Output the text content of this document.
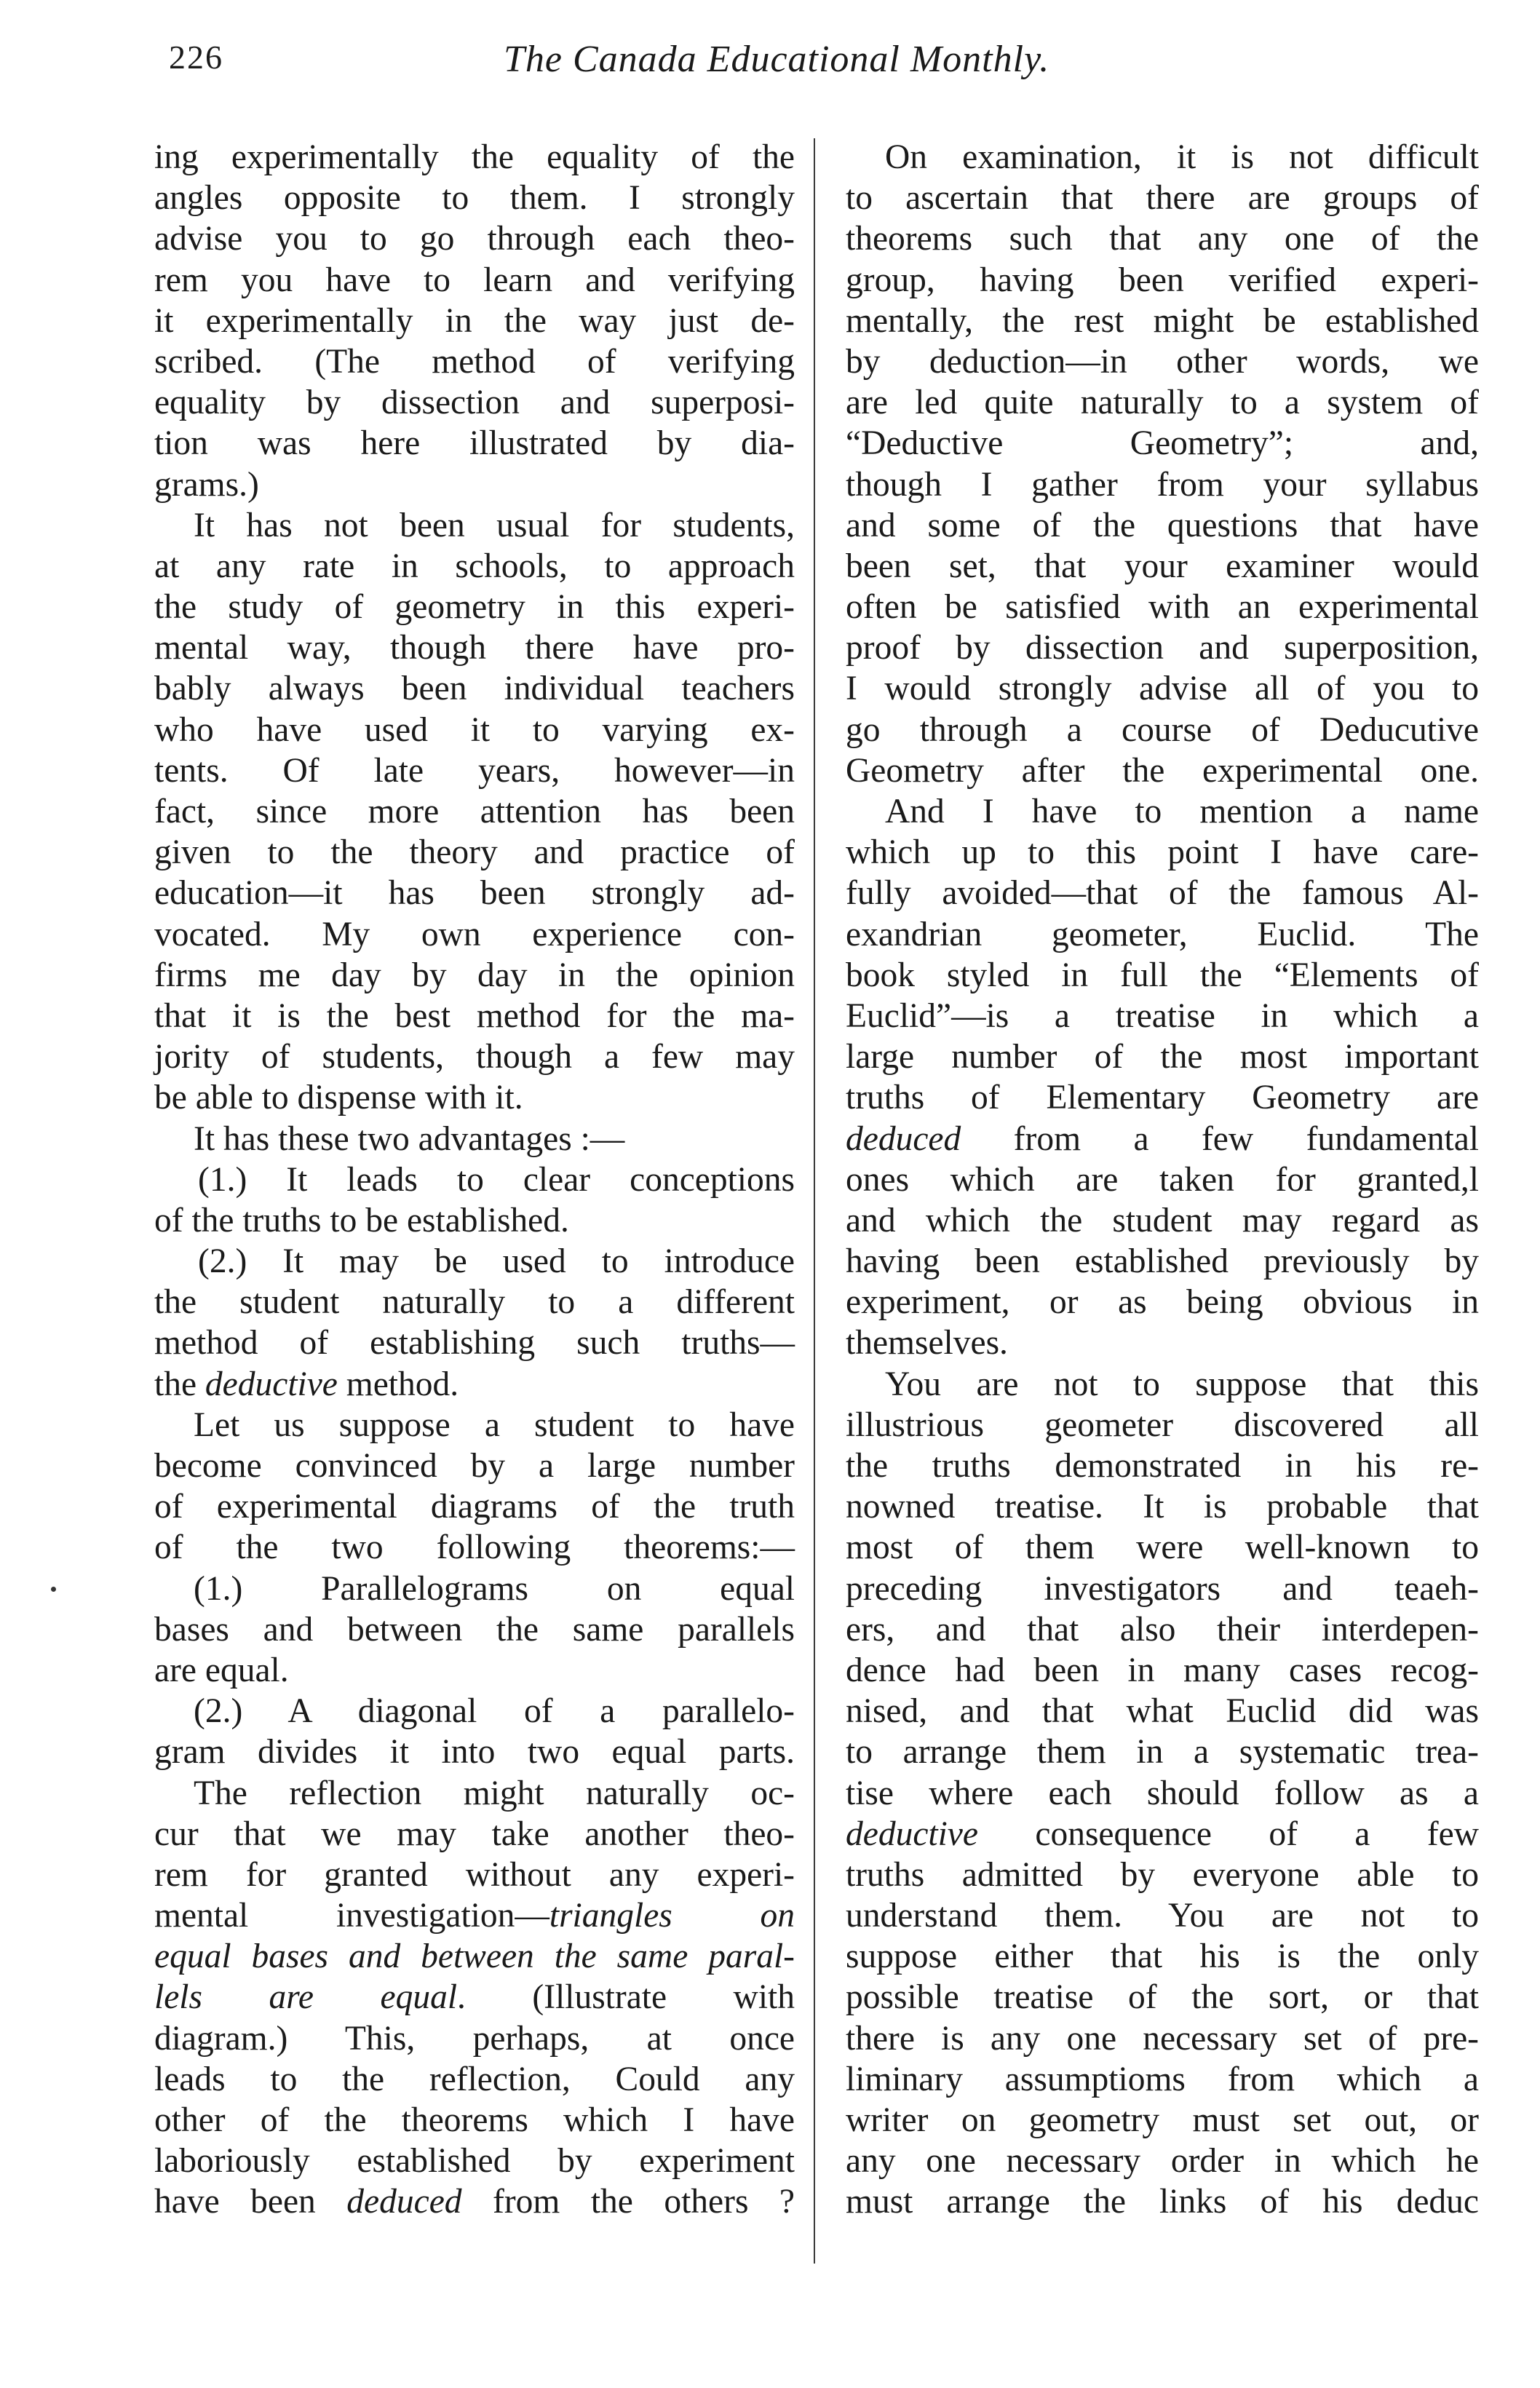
226	The Canada Educational Monthly.
ing experimentally the equality of the
angles opposite to them. I strongly
advise you to go through each theo-
rem you have to learn and verifying
it experimentally in the way just de-
scribed. (The method of verifying
equality by dissection and superposi-
tion was here illustrated by dia-
grams.)
It has not been usual for students,
at any rate in schools, to approach
the study of geometry in this experi-
mental way, though there have pro-
bably always been individual teachers
who have used it to varying ex-
tents. Of late years, however—in
fact, since more attention has been
given to the theory and practice of
education—it has been strongly ad-
vocated. My own experience con-
firms me day by day in the opinion
that it is the best method for the ma-
jority of students, though a few may
be able to dispense with it.
It has these two advantages :—
(1.) It leads to clear conceptions
of the truths to be established.
(2.) It may be used to introduce
the student naturally to a different
method of establishing such truths—
the deductive method.
Let us suppose a student to have
become convinced by a large number
of experimental diagrams of the truth
of the two following theorems:—
(1.) Parallelograms on equal
bases and between the same parallels
are equal.
(2.) A diagonal of a parallelo-
gram divides it into two equal parts.
The reflection might naturally oc-
cur that we may take another theo-
rem for granted without any experi-
mental investigation—triangles on
equal bases and between the same paral-
lels are equal. (Illustrate with
diagram.) This, perhaps, at once
leads to the reflection, Could any
other of the theorems which I have
laboriously established by experiment
have been deduced from the others ?
On examination, it is not difficult
to ascertain that there are groups of
theorems such that any one of the
group, having been verified experi-
mentally, the rest might be established
by deduction—in other words, we
are led quite naturally to a system of
“Deductive Geometry”; and,
though I gather from your syllabus
and some of the questions that have
been set, that your examiner would
often be satisfied with an experimental
proof by dissection and superposition,
I would strongly advise all of you to
go through a course of Deducutive
Geometry after the experimental one.
And I have to mention a name
which up to this point I have care-
fully avoided—that of the famous Al-
exandrian geometer, Euclid. The
book styled in full the “Elements of
Euclid”—is a treatise in which a
large number of the most important
truths of Elementary Geometry are
deduced from a few fundamental
ones which are taken for granted,l
and which the student may regard as
having been established previously by
experiment, or as being obvious in
themselves.
You are not to suppose that this
illustrious geometer discovered all
the truths demonstrated in his re-
nowned treatise. It is probable that
most of them were well-known to
preceding investigators and teaeh-
ers, and that also their interdepen-
dence had been in many cases recog-
nised, and that what Euclid did was
to arrange them in a systematic trea-
tise where each should follow as a
deductive consequence of a few
truths admitted by everyone able to
understand them. You are not to
suppose either that his is the only
possible treatise of the sort, or that
there is any one necessary set of pre-
liminary assumptioms from which a
writer on geometry must set out, or
any one necessary order in which he
must arrange the links of his deduc
